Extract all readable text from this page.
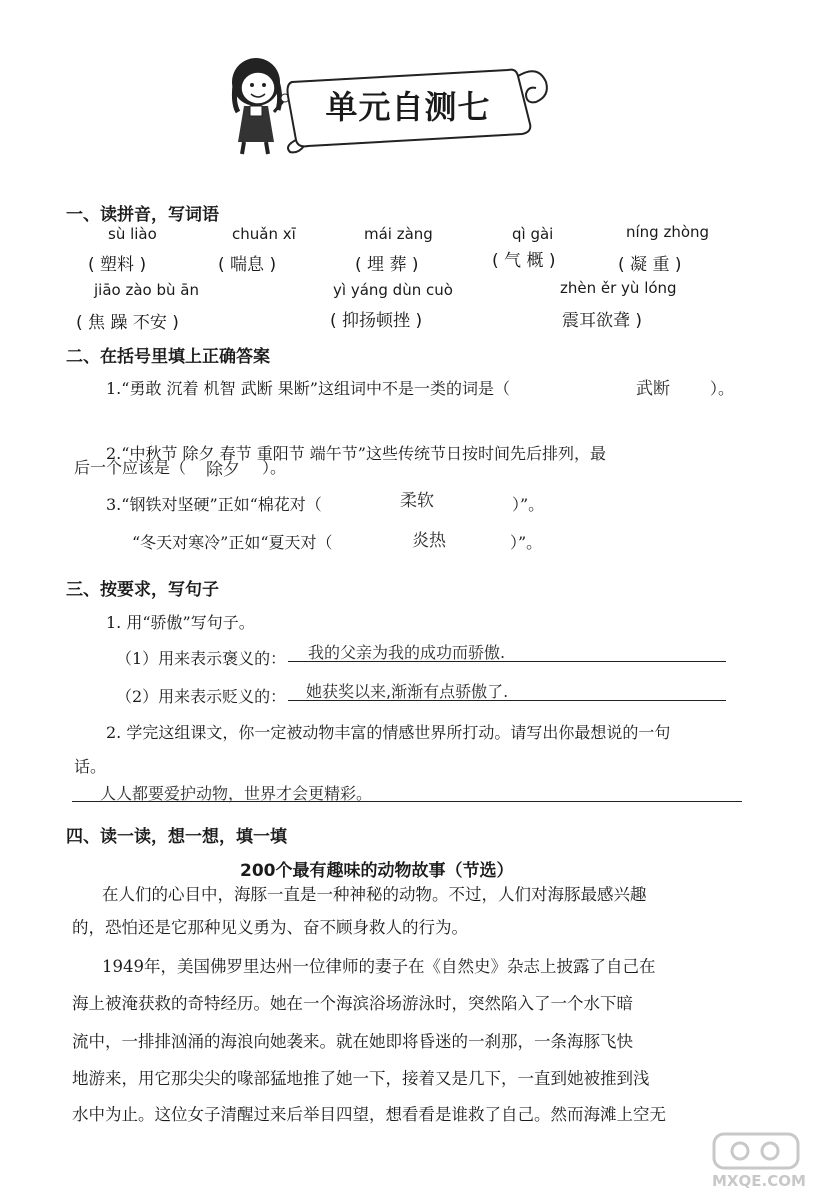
单元自测七
一、读拼音，写词语
sù liào	chuǎn xī	mái zàng	qì gài	níng zhòng
( 塑料 )	( 喘息 )	( 埋 葬 )	( 气 概 )	( 凝 重 )
jiāo zào bù ān	yì yáng dùn cuò	zhèn ěr yù lóng
( 焦 躁 不安 )	( 抑扬顿挫 )	震耳欲聋 )
二、在括号里填上正确答案
1.“勇敢 沉着 机智 武断 果断”这组词中不是一类的词是（	武断	）。
2.“中秋节 除夕 春节 重阳节 端午节”这些传统节日按时间先后排列，最
后一个应该是（ 除夕 ）。
3.“钢铁对坚硬”正如“棉花对（	柔软	）”。
“冬天对寒冷”正如“夏天对（	炎热	）”。
三、按要求，写句子
1. 用“骄傲”写句子。
（1）用来表示褒义的： 我的父亲为我的成功而骄傲.
（2）用来表示贬义的： 她获奖以来,渐渐有点骄傲了.
2. 学完这组课文，你一定被动物丰富的情感世界所打动。请写出你最想说的一句
话。
人人都要爱护动物，世界才会更精彩。
四、读一读，想一想，填一填
200个最有趣味的动物故事（节选）
在人们的心目中，海豚一直是一种神秘的动物。不过，人们对海豚最感兴趣
的，恐怕还是它那种见义勇为、奋不顾身救人的行为。
1949年，美国佛罗里达州一位律师的妻子在《自然史》杂志上披露了自己在
海上被淹获救的奇特经历。她在一个海滨浴场游泳时，突然陷入了一个水下暗
流中，一排排汹涌的海浪向她袭来。就在她即将昏迷的一刹那，一条海豚飞快
地游来，用它那尖尖的喙部猛地推了她一下，接着又是几下，一直到她被推到浅
水中为止。这位女子清醒过来后举目四望，想看看是谁救了自己。然而海滩上空无
MXQE.COM
